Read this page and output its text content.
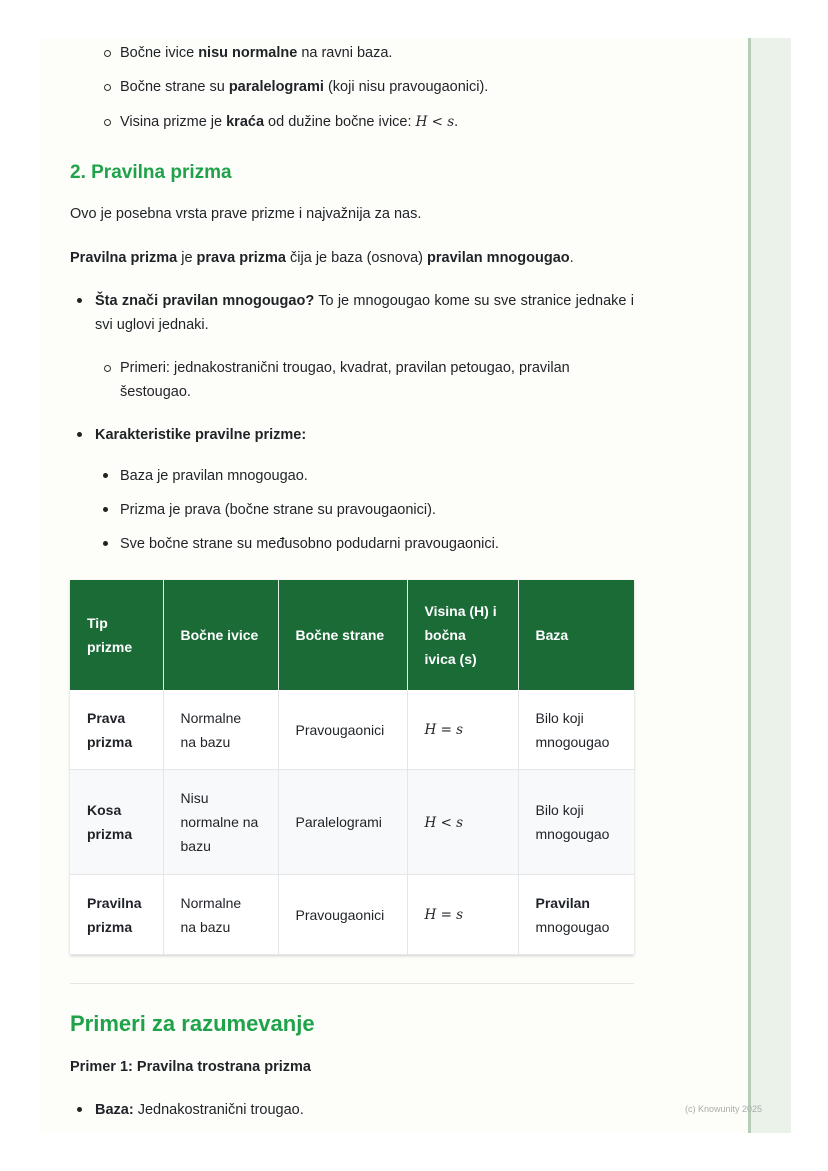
Bočne ivice nisu normalne na ravni baza.
Bočne strane su paralelogrami (koji nisu pravougaonici).
Visina prizme je kraća od dužine bočne ivice: H < s.
2. Pravilna prizma

Ovo je posebna vrsta prave prizme i najvažnija za nas.

Pravilna prizma je prava prizma čija je baza (osnova) pravilan mnogougao.

Šta znači pravilan mnogougao? To je mnogougao kome su sve stranice jednake i svi uglovi jednaki.
Primeri: jednakostranični trougao, kvadrat, pravilan petougao, pravilan šestougao.
Karakteristike pravilne prizme:
Baza je pravilan mnogougao.
Prizma je prava (bočne strane su pravougaonici).
Sve bočne strane su međusobno podudarni pravougaonici.
Tip prizme	Bočne ivice	Bočne strane	Visina (H) i bočna ivica (s)	Baza
Prava prizma	Normalne na bazu	Pravougaonici	H = s	Bilo koji mnogougao
Kosa prizma	Nisu normalne na bazu	Paralelogrami	H < s	Bilo koji mnogougao
Pravilna prizma	Normalne na bazu	Pravougaonici	H = s	Pravilan mnogougao
Primeri za razumevanje

Primer 1: Pravilna trostrana prizma

Baza: Jednakostranični trougao.	(c) Knowunity 2025
